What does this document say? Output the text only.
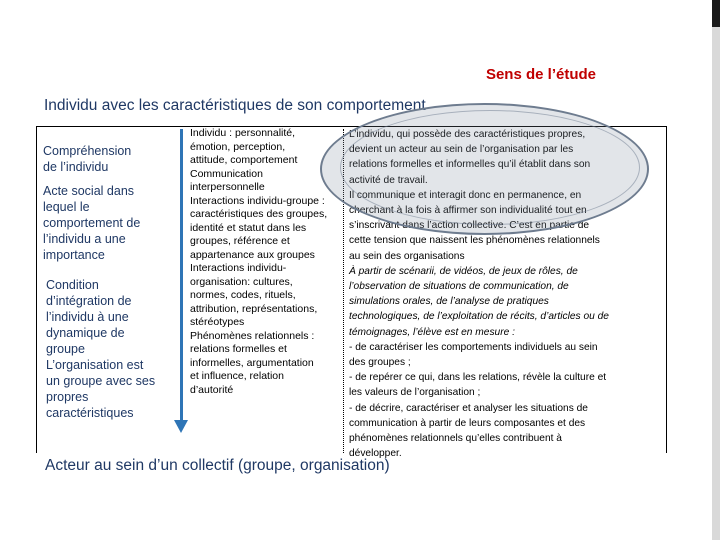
Sens de l’étude
Individu avec les caractéristiques de son comportement

Compréhension

de l’individu

Acte social dans

lequel le

comportement de

l’individu a une

importance

Condition

d’intégration de

l’individu à une

dynamique de

groupe

L’organisation est

un groupe avec ses

propres

caractéristiques

Individu : personnalité,

émotion, perception,

attitude, comportement

Communication

interpersonnelle

Interactions individu-groupe :

caractéristiques des groupes,

identité et statut dans les

groupes, référence et

appartenance aux groupes

Interactions individu-

organisation: cultures,

normes, codes, rituels,

attribution, représentations,

stéréotypes

Phénomènes relationnels :

relations formelles et

informelles, argumentation

et influence, relation

d’autorité

L’individu, qui possède des caractéristiques propres,

devient un acteur au sein de l’organisation par les

relations formelles et informelles qu’il établit dans son

activité de travail.

Il communique et interagit donc en permanence, en

cherchant à la fois à affirmer son individualité tout en

s’inscrivant dans l’action collective. C’est en partie de

cette tension que naissent les phénomènes relationnels

au sein des organisations

À partir de scénarii, de vidéos, de jeux de rôles, de

l’observation de situations de communication, de

simulations orales, de l’analyse de pratiques

technologiques, de l’exploitation de récits, d’articles ou de

témoignages, l’élève est en mesure :

- de caractériser les comportements individuels au sein

des groupes ;

- de repérer ce qui, dans les relations, révèle la culture et

les valeurs de l’organisation ;

- de décrire, caractériser et analyser les situations de

communication à partir de leurs composantes et des

phénomènes relationnels qu’elles contribuent à

développer.

Acteur au sein d’un collectif (groupe, organisation)
